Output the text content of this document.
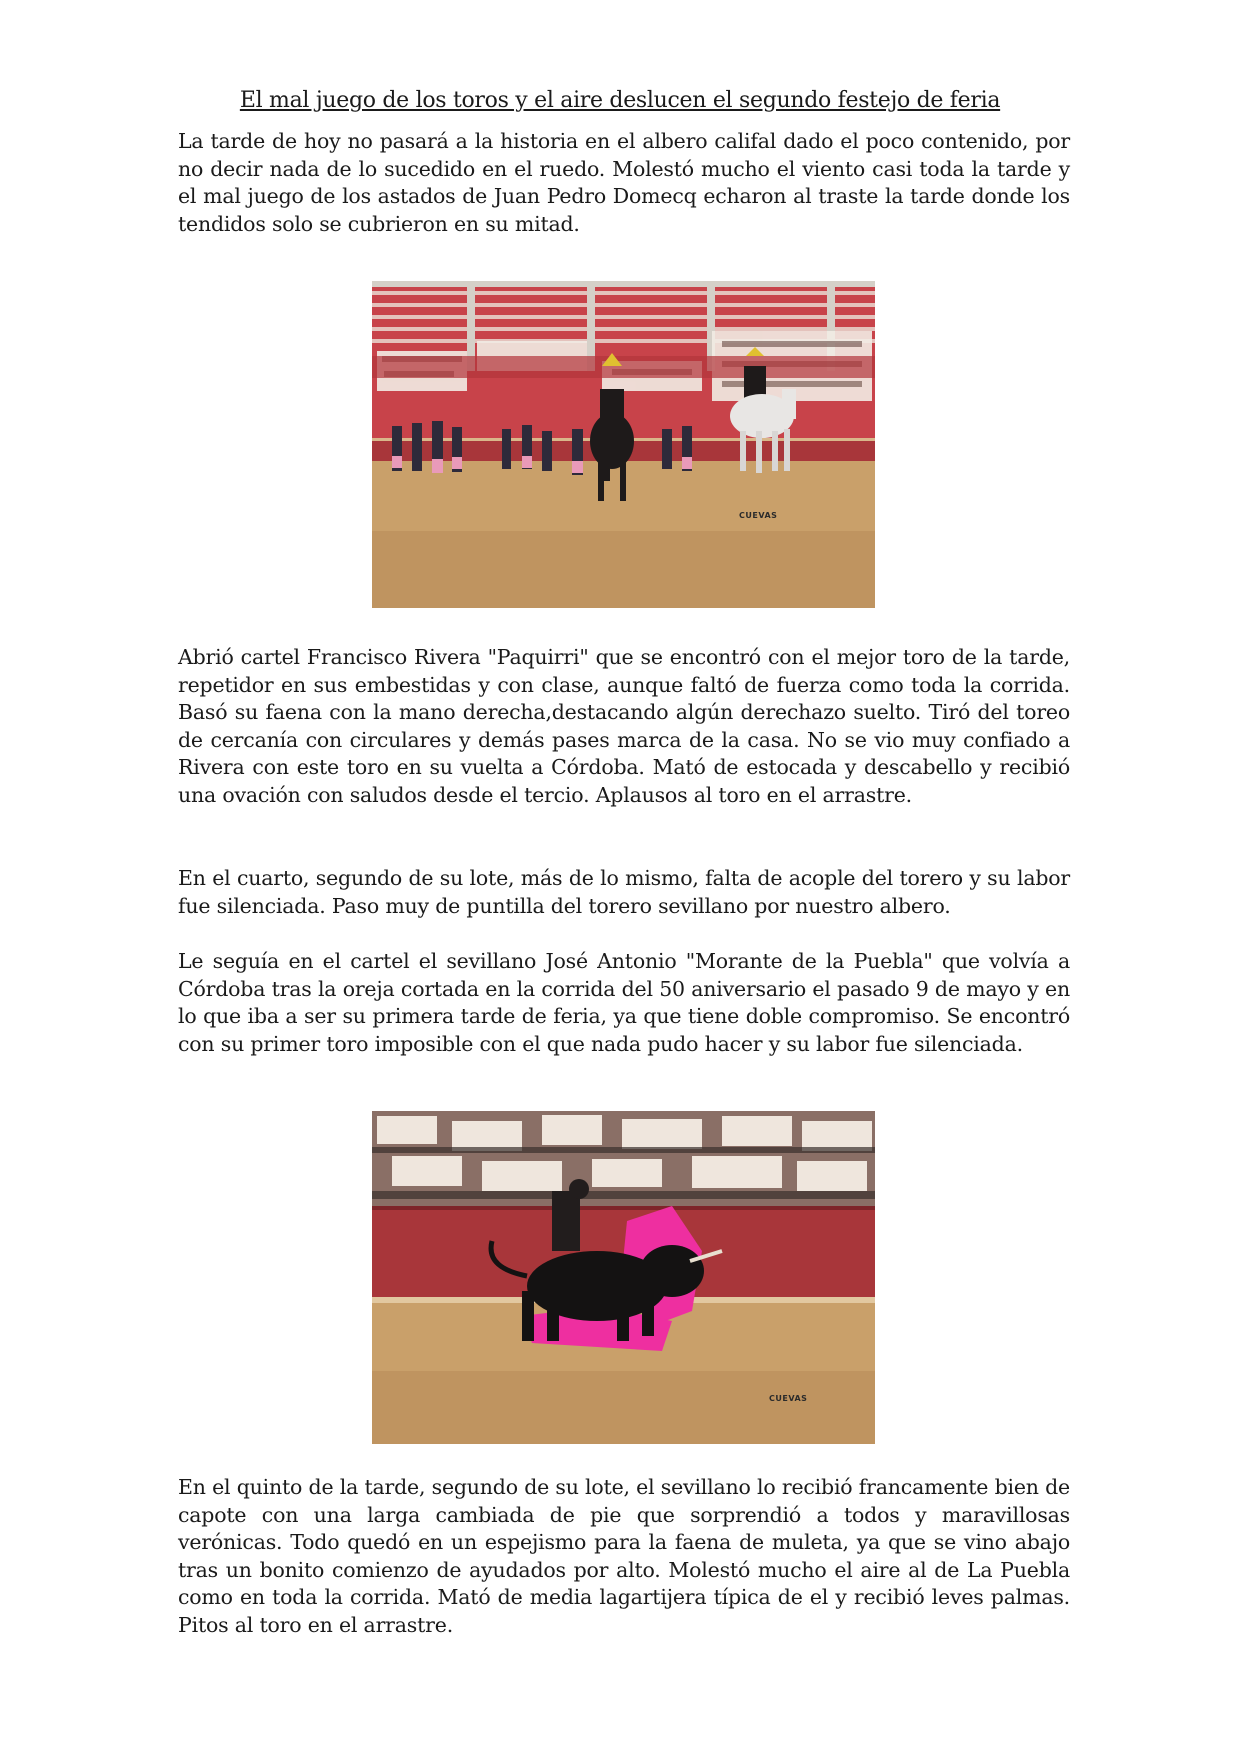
El mal juego de los toros y el aire deslucen el segundo festejo de feria

La tarde de hoy no pasará a la historia en el albero califal dado el poco contenido, por no decir nada de lo sucedido en el ruedo. Molestó mucho el viento casi toda la tarde y el mal juego de los astados de Juan Pedro Domecq echaron al traste la tarde donde los tendidos solo se cubrieron en su mitad.

CUEVAS

Abrió cartel Francisco Rivera "Paquirri" que se encontró con el mejor toro de la tarde, repetidor en sus embestidas y con clase, aunque faltó de fuerza como toda la corrida. Basó su faena con la mano derecha,destacando algún derechazo suelto. Tiró del toreo de cercanía con circulares y demás pases marca de la casa. No se vio muy confiado a Rivera con este toro en su vuelta a Córdoba. Mató de estocada y descabello y recibió una ovación con saludos desde el tercio. Aplausos al toro en el arrastre.

En el cuarto, segundo de su lote, más de lo mismo, falta de acople del torero y su labor fue silenciada. Paso muy de puntilla del torero sevillano por nuestro albero.

Le seguía en el cartel el sevillano José Antonio "Morante de la Puebla" que volvía a Córdoba tras la oreja cortada en la corrida del 50 aniversario el pasado 9 de mayo y en lo que iba a ser su primera tarde de feria, ya que tiene doble compromiso. Se encontró con su primer toro imposible con el que nada pudo hacer y su labor fue silenciada.

CUEVAS

En el quinto de la tarde, segundo de su lote, el sevillano lo recibió francamente bien de capote con una larga cambiada de pie que sorprendió a todos y maravillosas verónicas. Todo quedó en un espejismo para la faena de muleta, ya que se vino abajo tras un bonito comienzo de ayudados por alto. Molestó mucho el aire al de La Puebla como en toda la corrida. Mató de media lagartijera típica de el y recibió leves palmas. Pitos al toro en el arrastre.
